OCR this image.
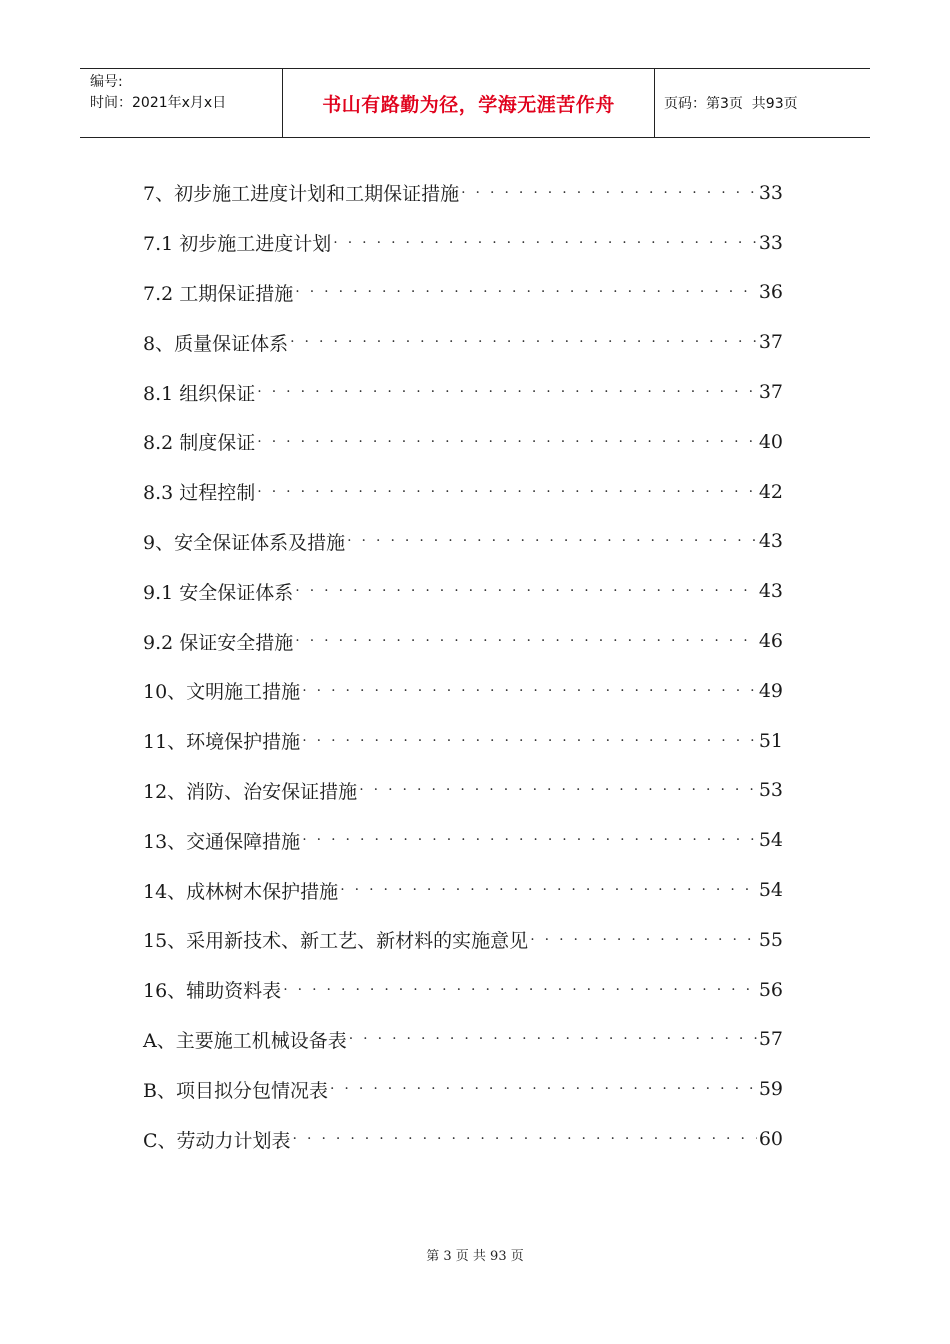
编号:
时间：2021年x月x日	书山有路勤为径，学海无涯苦作舟	页码：第3页  共93页
7、初步施工进度计划和工期保证措施 ·····	33
7.1 初步施工进度计划 ·····	33
7.2 工期保证措施 ·····	36
8、质量保证体系 ·····	37
8.1 组织保证 ·····	37
8.2 制度保证 ·····	40
8.3 过程控制 ·····	42
9、安全保证体系及措施 ·····	43
9.1 安全保证体系 ·····	43
9.2 保证安全措施 ·····	46
10、文明施工措施 ·····	49
11、环境保护措施 ·····	51
12、消防、治安保证措施 ·····	53
13、交通保障措施 ·····	54
14、成林树木保护措施 ·····	54
15、采用新技术、新工艺、新材料的实施意见 ·····	55
16、辅助资料表 ·····	56
A、主要施工机械设备表 ·····	57
B、项目拟分包情况表 ·····	59
C、劳动力计划表 ·····	60
第 3 页 共 93 页
